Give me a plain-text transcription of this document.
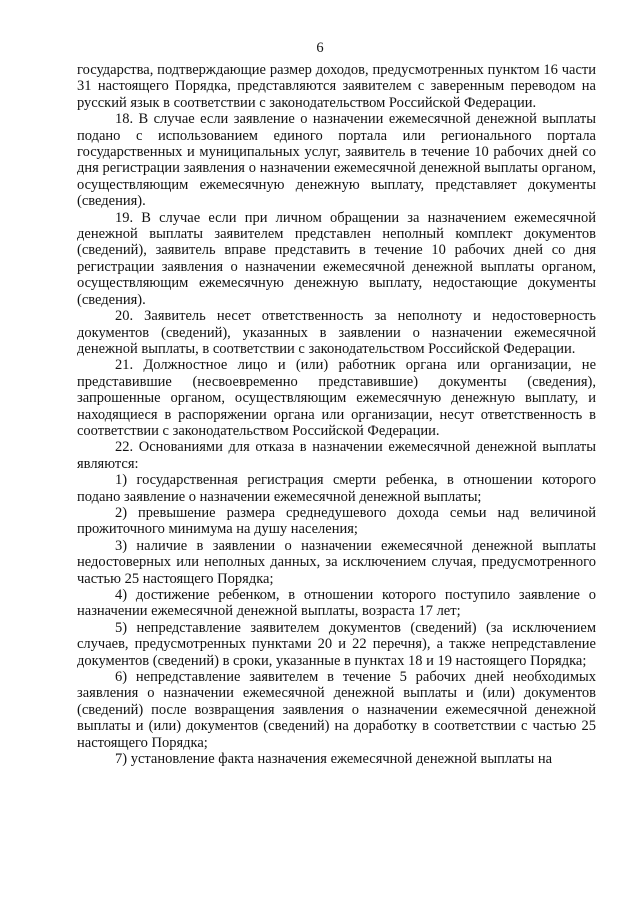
6

государства, подтверждающие размер доходов, предусмотренных пунктом 16 части 31 настоящего Порядка, представляются заявителем с заверенным переводом на русский язык в соответствии с законодательством Российской Федерации.

18. В случае если заявление о назначении ежемесячной денежной выплаты подано с использованием единого портала или регионального портала государственных и муниципальных услуг, заявитель в течение 10 рабочих дней со дня регистрации заявления о назначении ежемесячной денежной выплаты органом, осуществляющим ежемесячную денежную выплату, представляет документы (сведения).

19. В случае если при личном обращении за назначением ежемесячной денежной выплаты заявителем представлен неполный комплект документов (сведений), заявитель вправе представить в течение 10 рабочих дней со дня регистрации заявления о назначении ежемесячной денежной выплаты органом, осуществляющим ежемесячную денежную выплату, недостающие документы (сведения).

20. Заявитель несет ответственность за неполноту и недостоверность документов (сведений), указанных в заявлении о назначении ежемесячной денежной выплаты, в соответствии с законодательством Российской Федерации.

21. Должностное лицо и (или) работник органа или организации, не представившие (несвоевременно представившие) документы (сведения), запрошенные органом, осуществляющим ежемесячную денежную выплату, и находящиеся в распоряжении органа или организации, несут ответственность в соответствии с законодательством Российской Федерации.

22. Основаниями для отказа в назначении ежемесячной денежной выплаты являются:

1) государственная регистрация смерти ребенка, в отношении которого подано заявление о назначении ежемесячной денежной выплаты;

2) превышение размера среднедушевого дохода семьи над величиной прожиточного минимума на душу населения;

3) наличие в заявлении о назначении ежемесячной денежной выплаты недостоверных или неполных данных, за исключением случая, предусмотренного частью 25 настоящего Порядка;

4) достижение ребенком, в отношении которого поступило заявление о назначении ежемесячной денежной выплаты, возраста 17 лет;

5) непредставление заявителем документов (сведений) (за исключением случаев, предусмотренных пунктами 20 и 22 перечня), а также непредставление документов (сведений) в сроки, указанные в пунктах 18 и 19 настоящего Порядка;

6) непредставление заявителем в течение 5 рабочих дней необходимых заявления о назначении ежемесячной денежной выплаты и (или) документов (сведений) после возвращения заявления о назначении ежемесячной денежной выплаты и (или) документов (сведений) на доработку в соответствии с частью 25 настоящего Порядка;

7) установление факта назначения ежемесячной денежной выплаты на
